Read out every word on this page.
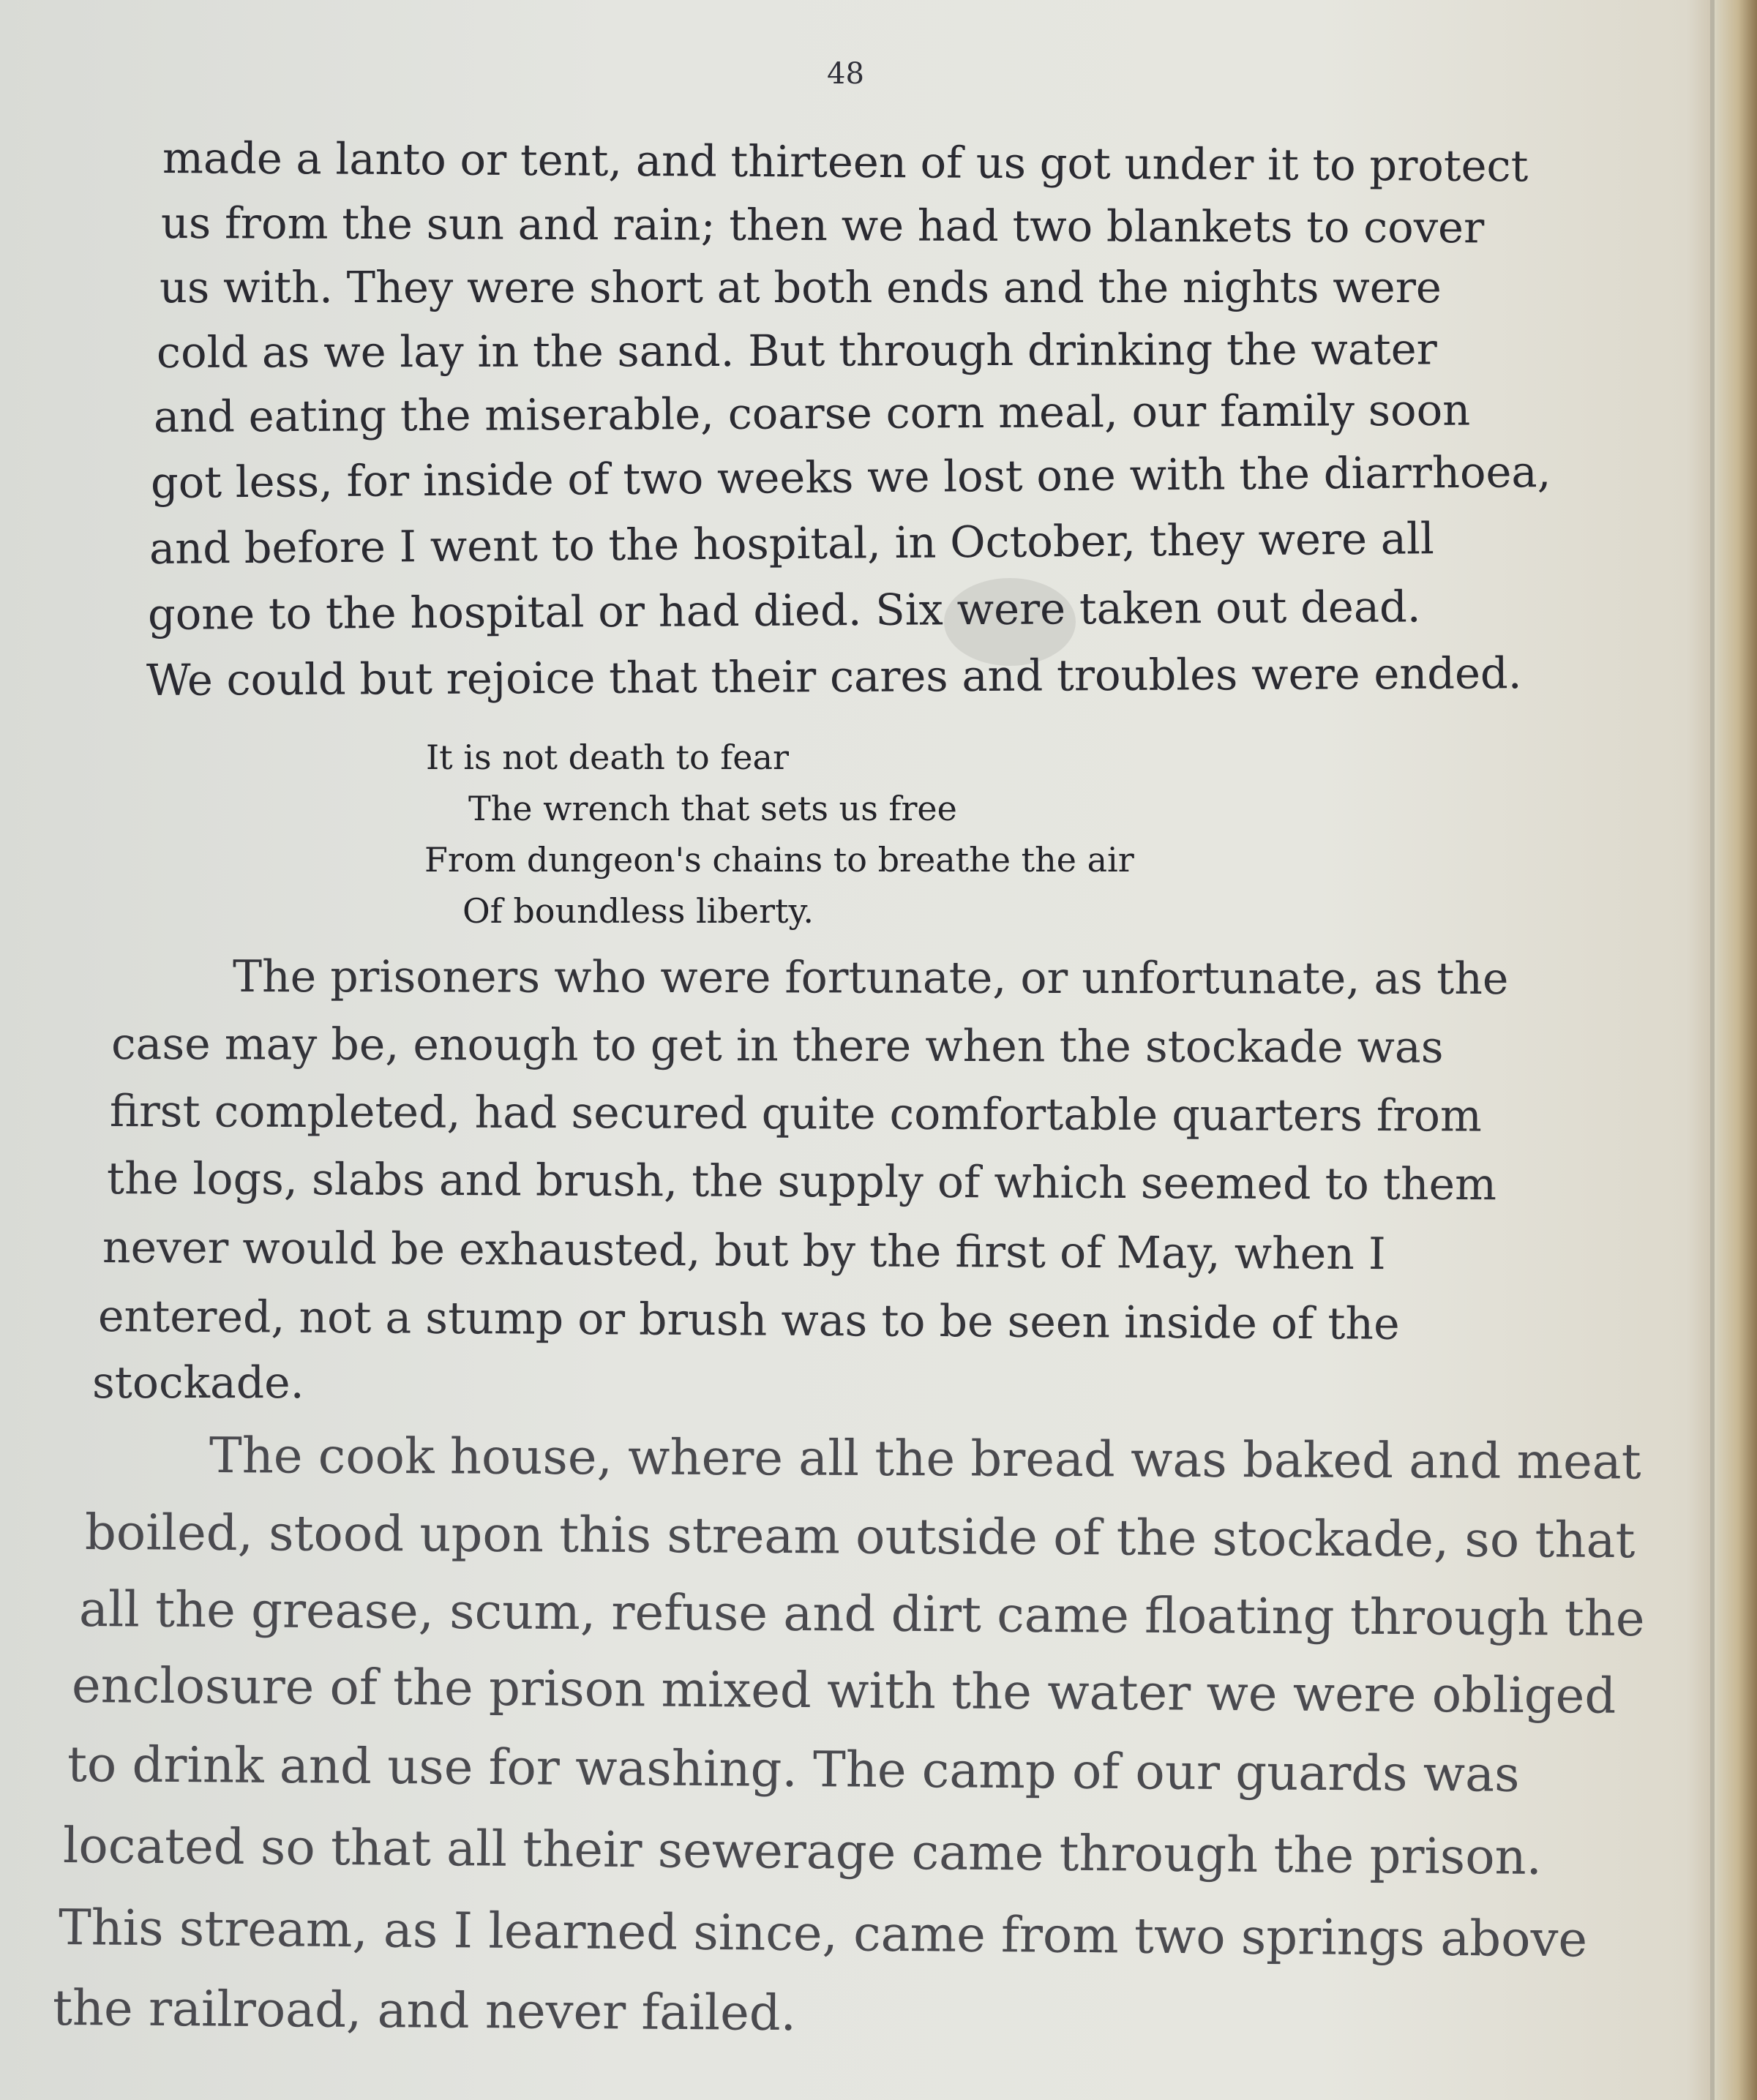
48
made a lanto or tent, and thirteen of us got under it to protect
us from the sun and rain; then we had two blankets to cover
us with. They were short at both ends and the nights were
cold as we lay in the sand. But through drinking the water
and eating the miserable, coarse corn meal, our family soon
got less, for inside of two weeks we lost one with the diarrhoea,
and before I went to the hospital, in October, they were all
gone to the hospital or had died. Six were taken out dead.
We could but rejoice that their cares and troubles were ended.
It is not death to fear
The wrench that sets us free
From dungeon's chains to breathe the air
Of boundless liberty.
The prisoners who were fortunate, or unfortunate, as the
case may be, enough to get in there when the stockade was
first completed, had secured quite comfortable quarters from
the logs, slabs and brush, the supply of which seemed to them
never would be exhausted, but by the first of May, when I
entered, not a stump or brush was to be seen inside of the
stockade.
The cook house, where all the bread was baked and meat
boiled, stood upon this stream outside of the stockade, so that
all the grease, scum, refuse and dirt came floating through the
enclosure of the prison mixed with the water we were obliged
to drink and use for washing. The camp of our guards was
located so that all their sewerage came through the prison.
This stream, as I learned since, came from two springs above
the railroad, and never failed.
